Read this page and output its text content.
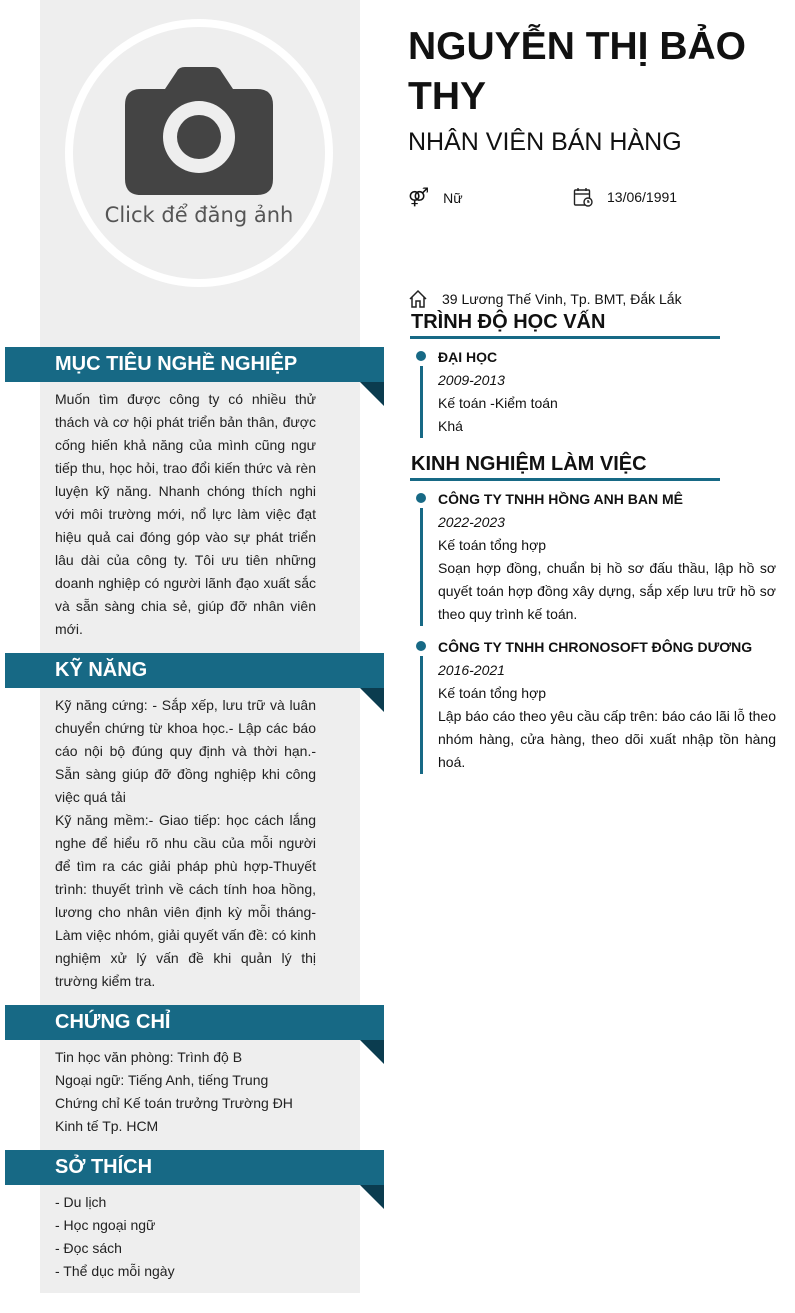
Click để đăng ảnh
MỤC TIÊU NGHỀ NGHIỆP
Muốn tìm được công ty có nhiều thử thách và cơ hội phát triển bản thân, được cống hiến khả năng của mình cũng ngư tiếp thu, học hỏi, trao đổi kiến thức và rèn luyện kỹ năng. Nhanh chóng thích nghi với môi trường mới, nổ lực làm việc đạt hiệu quả cai đóng góp vào sự phát triển lâu dài của công ty. Tôi ưu tiên những doanh nghiệp có người lãnh đạo xuất sắc và sẵn sàng chia sẻ, giúp đỡ nhân viên mới.
KỸ NĂNG
Kỹ năng cứng: - Sắp xếp, lưu trữ và luân chuyển chứng từ khoa học.- Lập các báo cáo nội bộ đúng quy định và thời hạn.- Sẵn sàng giúp đỡ đồng nghiệp khi công việc quá tải
Kỹ năng mềm:- Giao tiếp: học cách lắng nghe để hiểu rõ nhu cầu của mỗi người để tìm ra các giải pháp phù hợp-Thuyết trình: thuyết trình về cách tính hoa hồng, lương cho nhân viên định kỳ mỗi tháng- Làm việc nhóm, giải quyết vấn đề: có kinh nghiệm xử lý vấn đề khi quản lý thị trường kiểm tra.
CHỨNG CHỈ
Tin học văn phòng: Trình độ B
Ngoại ngữ: Tiếng Anh, tiếng Trung
Chứng chỉ Kế toán trưởng Trường ĐH Kinh tế Tp. HCM
SỞ THÍCH
- Du lịch
- Học ngoại ngữ
- Đọc sách
- Thể dục mỗi ngày
NGUYỄN THỊ BẢO THY
NHÂN VIÊN BÁN HÀNG
⚤ Nữ	13/06/1991
39 Lương Thế Vinh, Tp. BMT, Đắk Lắk
TRÌNH ĐỘ HỌC VẤN
ĐẠI HỌC
2009-2013
Kế toán -Kiểm toán
Khá
KINH NGHIỆM LÀM VIỆC
CÔNG TY TNHH HỒNG ANH BAN MÊ
2022-2023
Kế toán tổng hợp
Soạn hợp đồng, chuẩn bị hồ sơ đấu thầu, lập hồ sơ quyết toán hợp đồng xây dựng, sắp xếp lưu trữ hồ sơ theo quy trình kế toán.
CÔNG TY TNHH CHRONOSOFT ĐÔNG DƯƠNG
2016-2021
Kế toán tổng hợp
Lập báo cáo theo yêu cầu cấp trên: báo cáo lãi lỗ theo nhóm hàng, cửa hàng, theo dõi xuất nhập tồn hàng hoá.
